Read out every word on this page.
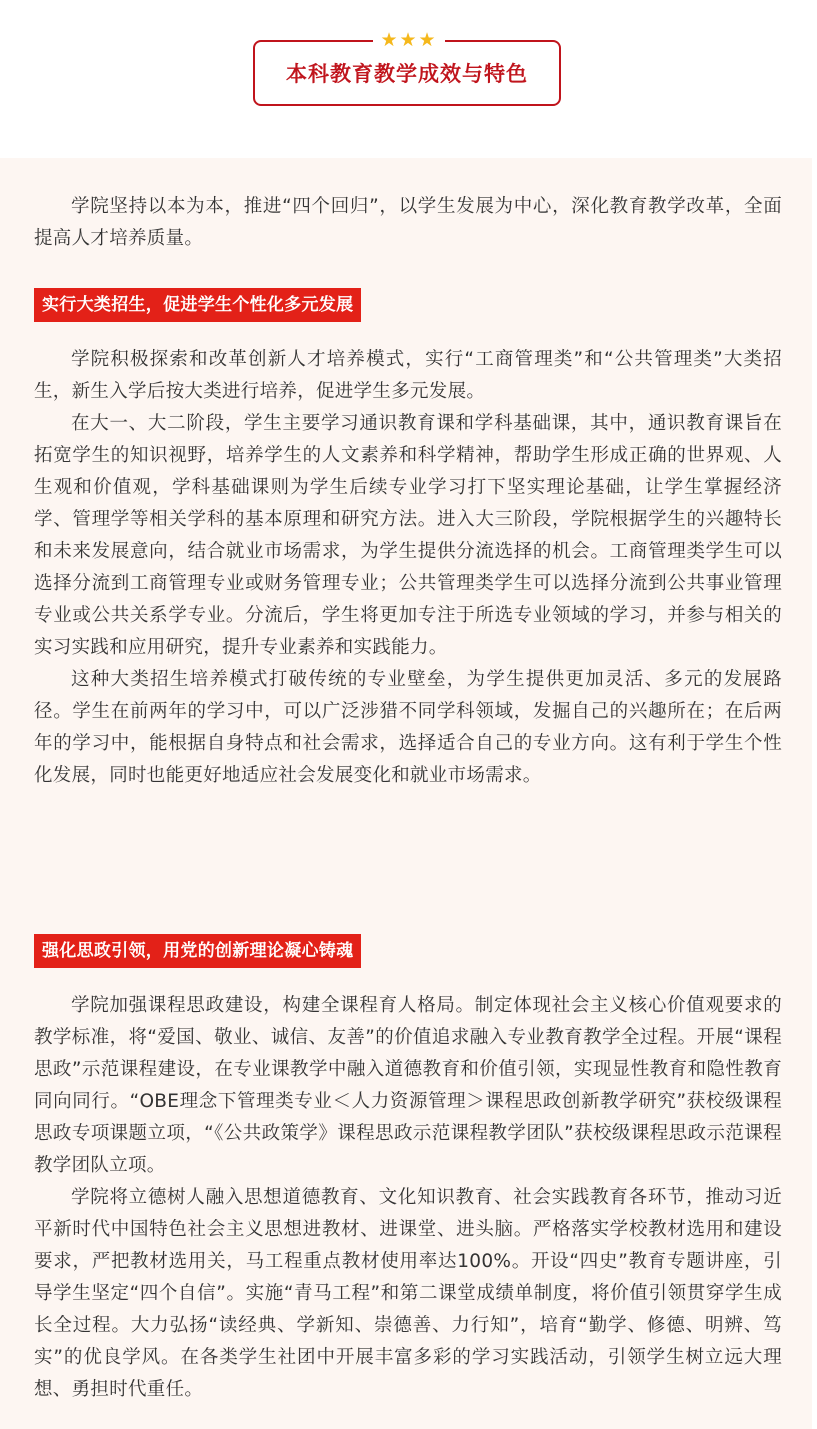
★★★
本科教育教学成效与特色

学院坚持以本为本，推进“四个回归”，以学生发展为中心，深化教育教学改革，全面提高人才培养质量。

实行大类招生，促进学生个性化多元发展

学院积极探索和改革创新人才培养模式，实行“工商管理类”和“公共管理类”大类招生，新生入学后按大类进行培养，促进学生多元发展。

在大一、大二阶段，学生主要学习通识教育课和学科基础课，其中，通识教育课旨在拓宽学生的知识视野，培养学生的人文素养和科学精神，帮助学生形成正确的世界观、人生观和价值观，学科基础课则为学生后续专业学习打下坚实理论基础，让学生掌握经济学、管理学等相关学科的基本原理和研究方法。进入大三阶段，学院根据学生的兴趣特长和未来发展意向，结合就业市场需求，为学生提供分流选择的机会。工商管理类学生可以选择分流到工商管理专业或财务管理专业；公共管理类学生可以选择分流到公共事业管理专业或公共关系学专业。分流后，学生将更加专注于所选专业领域的学习，并参与相关的实习实践和应用研究，提升专业素养和实践能力。

这种大类招生培养模式打破传统的专业壁垒，为学生提供更加灵活、多元的发展路径。学生在前两年的学习中，可以广泛涉猎不同学科领域，发掘自己的兴趣所在；在后两年的学习中，能根据自身特点和社会需求，选择适合自己的专业方向。这有利于学生个性化发展，同时也能更好地适应社会发展变化和就业市场需求。

强化思政引领，用党的创新理论凝心铸魂

学院加强课程思政建设，构建全课程育人格局。制定体现社会主义核心价值观要求的教学标准，将“爱国、敬业、诚信、友善”的价值追求融入专业教育教学全过程。开展“课程思政”示范课程建设，在专业课教学中融入道德教育和价值引领，实现显性教育和隐性教育同向同行。“OBE理念下管理类专业＜人力资源管理＞课程思政创新教学研究”获校级课程思政专项课题立项，“《公共政策学》课程思政示范课程教学团队”获校级课程思政示范课程教学团队立项。

学院将立德树人融入思想道德教育、文化知识教育、社会实践教育各环节，推动习近平新时代中国特色社会主义思想进教材、进课堂、进头脑。严格落实学校教材选用和建设要求，严把教材选用关，马工程重点教材使用率达100%。开设“四史”教育专题讲座，引导学生坚定“四个自信”。实施“青马工程”和第二课堂成绩单制度，将价值引领贯穿学生成长全过程。大力弘扬“读经典、学新知、崇德善、力行知”，培育“勤学、修德、明辨、笃实”的优良学风。在各类学生社团中开展丰富多彩的学习实践活动，引领学生树立远大理想、勇担时代重任。
